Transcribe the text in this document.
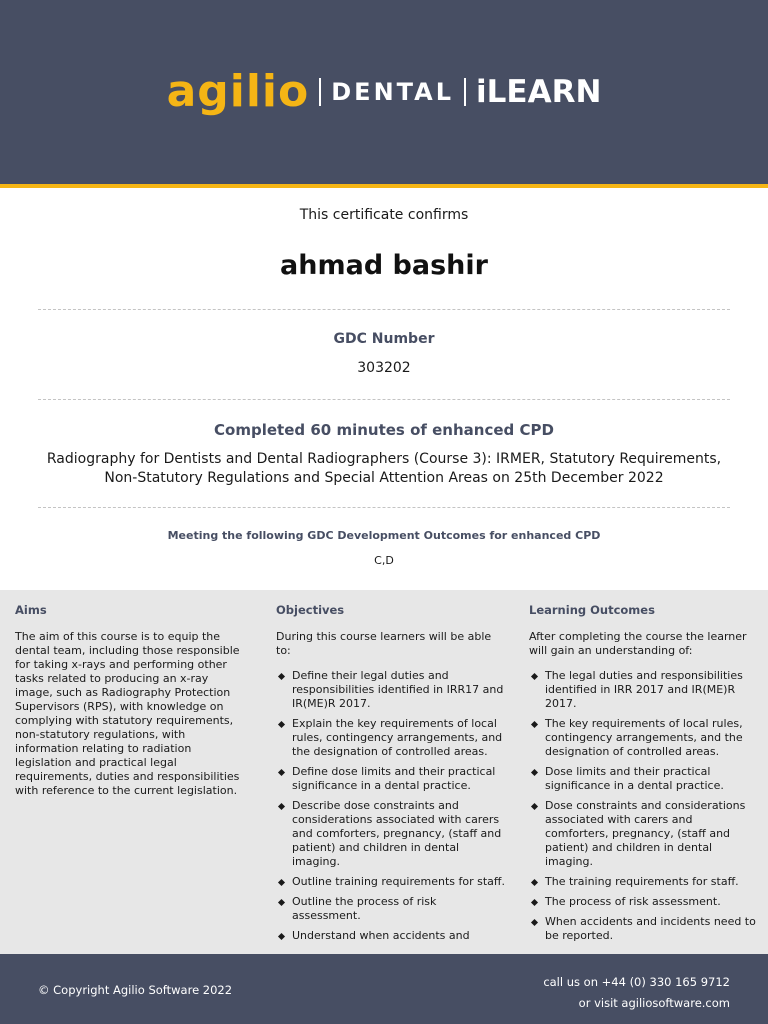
agilio DENTAL iLEARN
This certificate confirms
ahmad bashir
GDC Number
303202
Completed 60 minutes of enhanced CPD
Radiography for Dentists and Dental Radiographers (Course 3): IRMER, Statutory Requirements,
Non-Statutory Regulations and Special Attention Areas on 25th December 2022
Meeting the following GDC Development Outcomes for enhanced CPD
C,D
Aims

The aim of this course is to equip the dental team, including those responsible for taking x-rays and performing other tasks related to producing an x-ray image, such as Radiography Protection Supervisors (RPS), with knowledge on complying with statutory requirements, non-statutory regulations, with information relating to radiation legislation and practical legal requirements, duties and responsibilities with reference to the current legislation.

Objectives

During this course learners will be able to:

Define their legal duties and responsibilities identified in IRR17 and IR(ME)R 2017.
Explain the key requirements of local rules, contingency arrangements, and the designation of controlled areas.
Define dose limits and their practical significance in a dental practice.
Describe dose constraints and considerations associated with carers and comforters, pregnancy, (staff and patient) and children in dental imaging.
Outline training requirements for staff.
Outline the process of risk assessment.
Understand when accidents and
Learning Outcomes

After completing the course the learner will gain an understanding of:

The legal duties and responsibilities identified in IRR 2017 and IR(ME)R 2017.
The key requirements of local rules, contingency arrangements, and the designation of controlled areas.
Dose limits and their practical significance in a dental practice.
Dose constraints and considerations associated with carers and comforters, pregnancy, (staff and patient) and children in dental imaging.
The training requirements for staff.
The process of risk assessment.
When accidents and incidents need to be reported.
© Copyright Agilio Software 2022
call us on +44 (0) 330 165 9712
or visit agiliosoftware.com
